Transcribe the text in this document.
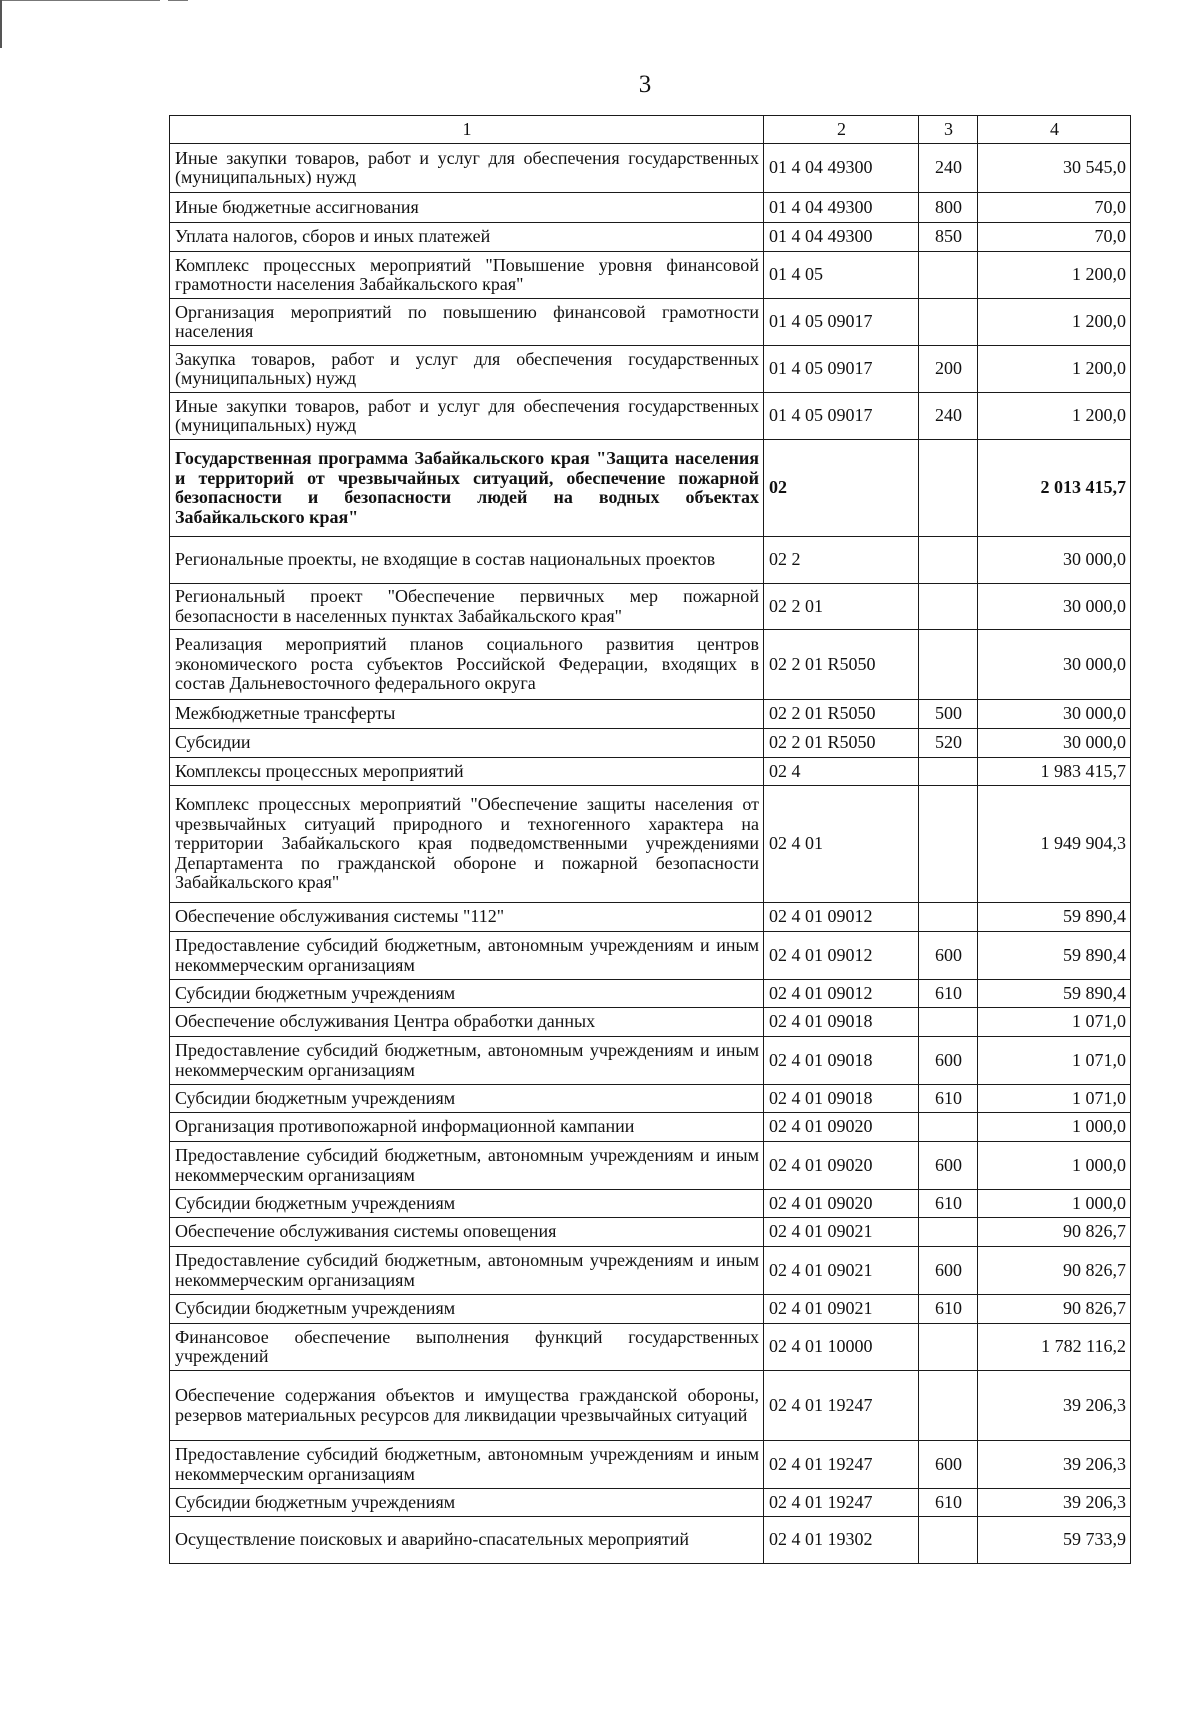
3
1	2	3	4
Иные закупки товаров, работ и услуг для обеспечения государственных (муниципальных) нужд	01 4 04 49300	240	30 545,0
Иные бюджетные ассигнования	01 4 04 49300	800	70,0
Уплата налогов, сборов и иных платежей	01 4 04 49300	850	70,0
Комплекс процессных мероприятий "Повышение уровня финансовой грамотности населения Забайкальского края"	01 4 05		1 200,0
Организация мероприятий по повышению финансовой грамотности населения	01 4 05 09017		1 200,0
Закупка товаров, работ и услуг для обеспечения государственных (муниципальных) нужд	01 4 05 09017	200	1 200,0
Иные закупки товаров, работ и услуг для обеспечения государственных (муниципальных) нужд	01 4 05 09017	240	1 200,0
Государственная программа Забайкальского края "Защита населения и территорий от чрезвычайных ситуаций, обеспечение пожарной безопасности и безопасности людей на водных объектах Забайкальского края"	02		2 013 415,7
Региональные проекты, не входящие в состав национальных проектов	02 2		30 000,0
Региональный проект "Обеспечение первичных мер пожарной безопасности в населенных пунктах Забайкальского края"	02 2 01		30 000,0
Реализация мероприятий планов социального развития центров экономического роста субъектов Российской Федерации, входящих в состав Дальневосточного федерального округа	02 2 01 R5050		30 000,0
Межбюджетные трансферты	02 2 01 R5050	500	30 000,0
Субсидии	02 2 01 R5050	520	30 000,0
Комплексы процессных мероприятий	02 4		1 983 415,7
Комплекс процессных мероприятий "Обеспечение защиты населения от чрезвычайных ситуаций природного и техногенного характера на территории Забайкальского края подведомственными учреждениями Департамента по гражданской обороне и пожарной безопасности Забайкальского края"	02 4 01		1 949 904,3
Обеспечение обслуживания системы "112"	02 4 01 09012		59 890,4
Предоставление субсидий бюджетным, автономным учреждениям и иным некоммерческим организациям	02 4 01 09012	600	59 890,4
Субсидии бюджетным учреждениям	02 4 01 09012	610	59 890,4
Обеспечение обслуживания Центра обработки данных	02 4 01 09018		1 071,0
Предоставление субсидий бюджетным, автономным учреждениям и иным некоммерческим организациям	02 4 01 09018	600	1 071,0
Субсидии бюджетным учреждениям	02 4 01 09018	610	1 071,0
Организация противопожарной информационной кампании	02 4 01 09020		1 000,0
Предоставление субсидий бюджетным, автономным учреждениям и иным некоммерческим организациям	02 4 01 09020	600	1 000,0
Субсидии бюджетным учреждениям	02 4 01 09020	610	1 000,0
Обеспечение обслуживания системы оповещения	02 4 01 09021		90 826,7
Предоставление субсидий бюджетным, автономным учреждениям и иным некоммерческим организациям	02 4 01 09021	600	90 826,7
Субсидии бюджетным учреждениям	02 4 01 09021	610	90 826,7
Финансовое обеспечение выполнения функций государственных учреждений	02 4 01 10000		1 782 116,2
Обеспечение содержания объектов и имущества гражданской обороны, резервов материальных ресурсов для ликвидации чрезвычайных ситуаций	02 4 01 19247		39 206,3
Предоставление субсидий бюджетным, автономным учреждениям и иным некоммерческим организациям	02 4 01 19247	600	39 206,3
Субсидии бюджетным учреждениям	02 4 01 19247	610	39 206,3
Осуществление поисковых и аварийно-спасательных мероприятий	02 4 01 19302		59 733,9
